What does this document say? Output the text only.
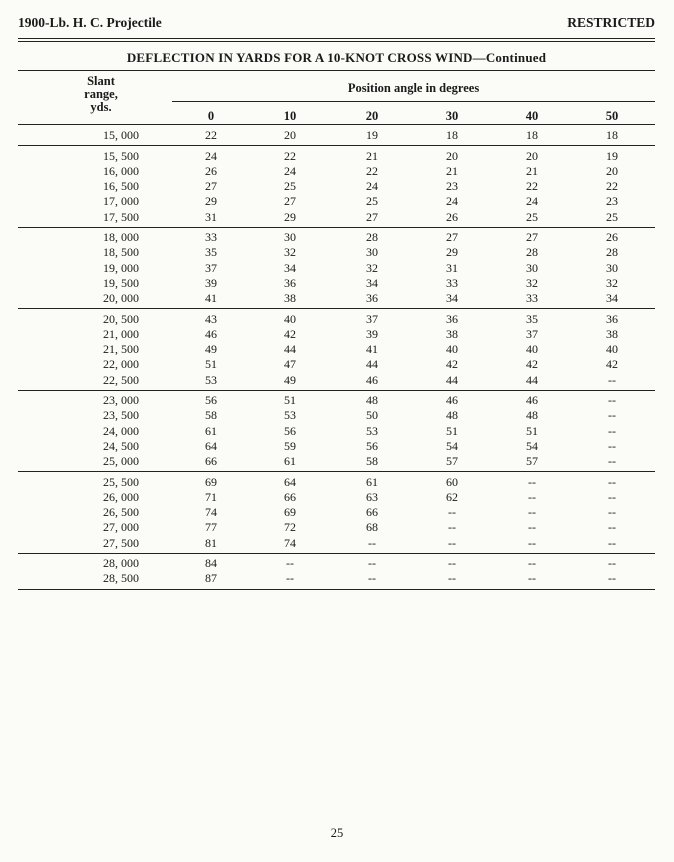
1900-Lb. H. C. Projectile	RESTRICTED
DEFLECTION IN YARDS FOR A 10-KNOT CROSS WIND—Continued
Slant
range,
yds.
Position angle in degrees
0	10	20	30	40	50
15, 000	22	20	19	18	18	18
15, 500	24	22	21	20	20	19
16, 000	26	24	22	21	21	20
16, 500	27	25	24	23	22	22
17, 000	29	27	25	24	24	23
17, 500	31	29	27	26	25	25
18, 000	33	30	28	27	27	26
18, 500	35	32	30	29	28	28
19, 000	37	34	32	31	30	30
19, 500	39	36	34	33	32	32
20, 000	41	38	36	34	33	34
20, 500	43	40	37	36	35	36
21, 000	46	42	39	38	37	38
21, 500	49	44	41	40	40	40
22, 000	51	47	44	42	42	42
22, 500	53	49	46	44	44	--
23, 000	56	51	48	46	46	--
23, 500	58	53	50	48	48	--
24, 000	61	56	53	51	51	--
24, 500	64	59	56	54	54	--
25, 000	66	61	58	57	57	--
25, 500	69	64	61	60	--	--
26, 000	71	66	63	62	--	--
26, 500	74	69	66	--	--	--
27, 000	77	72	68	--	--	--
27, 500	81	74	--	--	--	--
28, 000	84	--	--	--	--	--
28, 500	87	--	--	--	--	--
25
